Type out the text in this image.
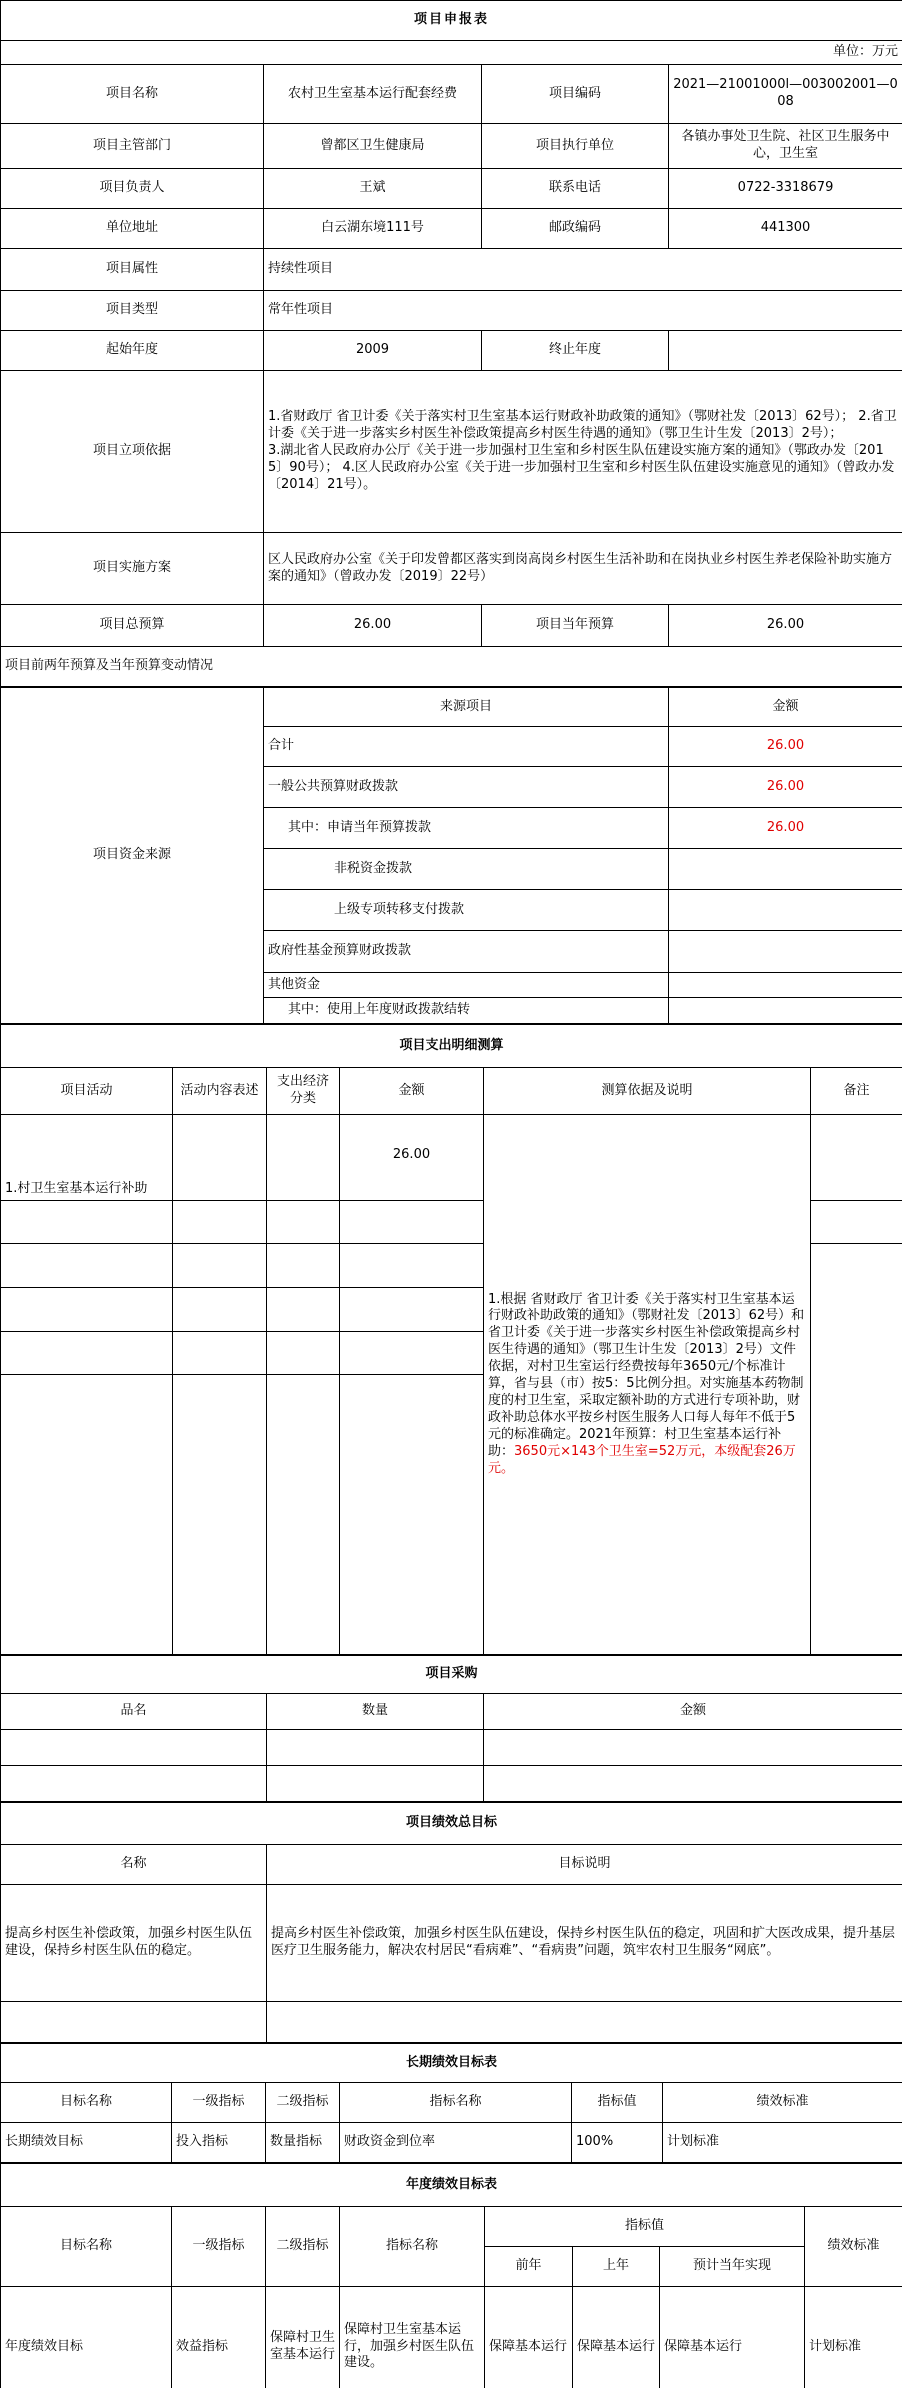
项目申报表			
单位：万元			
项目名称	农村卫生室基本运行配套经费	项目编码	2021—21001000l—003002001—008
项目主管部门	曾都区卫生健康局	项目执行单位	各镇办事处卫生院、社区卫生服务中心，卫生室
项目负责人	王斌	联系电话	0722-3318679
单位地址	白云湖东境111号	邮政编码	441300
项目属性	持续性项目		
项目类型	常年性项目		
起始年度	2009	终止年度	
项目立项依据	1.省财政厅 省卫计委《关于落实村卫生室基本运行财政补助政策的通知》（鄂财社发〔2013〕62号）； 2.省卫计委《关于进一步落实乡村医生补偿政策提高乡村医生待遇的通知》（鄂卫生计生发〔2013〕2号）；
3.湖北省人民政府办公厅《关于进一步加强村卫生室和乡村医生队伍建设实施方案的通知》（鄂政办发〔2015〕90号）； 4.区人民政府办公室《关于进一步加强村卫生室和乡村医生队伍建设实施意见的通知》（曾政办发〔2014〕21号）。		
项目实施方案	区人民政府办公室《关于印发曾都区落实到岗高岗乡村医生生活补助和在岗执业乡村医生养老保险补助实施方案的通知》（曾政办发〔2019〕22号）		
项目总预算	26.00	项目当年预算	26.00
项目前两年预算及当年预算变动情况			
项目资金来源	来源项目	金额
	合计	26.00
	一般公共预算财政拨款	26.00
	其中：申请当年预算拨款	26.00
	非税资金拨款	
	上级专项转移支付拨款	
	政府性基金预算财政拨款	
	其他资金	
	其中：使用上年度财政拨款结转	
项目支出明细测算					
项目活动	活动内容表述	支出经济分类	金额	测算依据及说明	备注
1.村卫生室基本运行补助			26.00	1.根据 省财政厅 省卫计委《关于落实村卫生室基本运行财政补助政策的通知》（鄂财社发〔2013〕62号）和省卫计委《关于进一步落实乡村医生补偿政策提高乡村医生待遇的通知》（鄂卫生计生发〔2013〕2号）文件依据，对村卫生室运行经费按每年3650元/个标准计算，省与县（市）按5：5比例分担。对实施基本药物制度的村卫生室，采取定额补助的方式进行专项补助，财政补助总体水平按乡村医生服务人口每人每年不低于5元的标准确定。2021年预算：村卫生室基本运行补助：3650元×143个卫生室=52万元，本级配套26万元。	

项目采购		
品名	数量	金额

项目绩效总目标	
名称	目标说明
提高乡村医生补偿政策，加强乡村医生队伍建设，保持乡村医生队伍的稳定。	提高乡村医生补偿政策，加强乡村医生队伍建设，保持乡村医生队伍的稳定，巩固和扩大医改成果，提升基层医疗卫生服务能力，解决农村居民“看病难”、“看病贵”问题，筑牢农村卫生服务“网底”。

长期绩效目标表					
目标名称	一级指标	二级指标	指标名称	指标值	绩效标准
长期绩效目标	投入指标	数量指标	财政资金到位率	100%	计划标准
年度绩效目标表							
目标名称	一级指标	二级指标	指标名称	指标值			绩效标准
				前年	上年	预计当年实现	
年度绩效目标	效益指标	保障村卫生室基本运行	保障村卫生室基本运行，加强乡村医生队伍建设。	保障基本运行	保障基本运行	保障基本运行	计划标准
